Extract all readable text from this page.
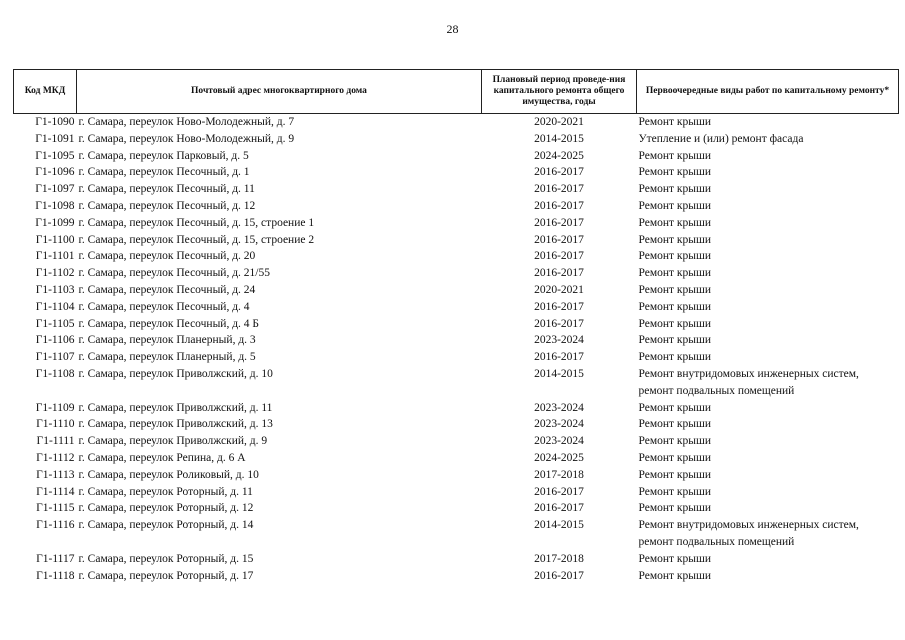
28
Код МКД	Почтовый адрес многоквартирного дома	Плановый период проведе-ния капитального ремонта общего имущества, годы	Первоочередные виды работ по капитальному ремонту*
Г1-1090	г. Самара, переулок Ново-Молодежный, д. 7	2020-2021	Ремонт крыши
Г1-1091	г. Самара, переулок Ново-Молодежный, д. 9	2014-2015	Утепление и (или) ремонт фасада
Г1-1095	г. Самара, переулок Парковый, д. 5	2024-2025	Ремонт крыши
Г1-1096	г. Самара, переулок Песочный, д. 1	2016-2017	Ремонт крыши
Г1-1097	г. Самара, переулок Песочный, д. 11	2016-2017	Ремонт крыши
Г1-1098	г. Самара, переулок Песочный, д. 12	2016-2017	Ремонт крыши
Г1-1099	г. Самара, переулок Песочный, д. 15, строение 1	2016-2017	Ремонт крыши
Г1-1100	г. Самара, переулок Песочный, д. 15, строение 2	2016-2017	Ремонт крыши
Г1-1101	г. Самара, переулок Песочный, д. 20	2016-2017	Ремонт крыши
Г1-1102	г. Самара, переулок Песочный, д. 21/55	2016-2017	Ремонт крыши
Г1-1103	г. Самара, переулок Песочный, д. 24	2020-2021	Ремонт крыши
Г1-1104	г. Самара, переулок Песочный, д. 4	2016-2017	Ремонт крыши
Г1-1105	г. Самара, переулок Песочный, д. 4 Б	2016-2017	Ремонт крыши
Г1-1106	г. Самара, переулок Планерный, д. 3	2023-2024	Ремонт крыши
Г1-1107	г. Самара, переулок Планерный, д. 5	2016-2017	Ремонт крыши
Г1-1108	г. Самара, переулок Приволжский, д. 10	2014-2015	Ремонт внутридомовых инженерных систем, ремонт подвальных помещений
Г1-1109	г. Самара, переулок Приволжский, д. 11	2023-2024	Ремонт крыши
Г1-1110	г. Самара, переулок Приволжский, д. 13	2023-2024	Ремонт крыши
Г1-1111	г. Самара, переулок Приволжский, д. 9	2023-2024	Ремонт крыши
Г1-1112	г. Самара, переулок Репина, д. 6 А	2024-2025	Ремонт крыши
Г1-1113	г. Самара, переулок Роликовый, д. 10	2017-2018	Ремонт крыши
Г1-1114	г. Самара, переулок Роторный, д. 11	2016-2017	Ремонт крыши
Г1-1115	г. Самара, переулок Роторный, д. 12	2016-2017	Ремонт крыши
Г1-1116	г. Самара, переулок Роторный, д. 14	2014-2015	Ремонт внутридомовых инженерных систем, ремонт подвальных помещений
Г1-1117	г. Самара, переулок Роторный, д. 15	2017-2018	Ремонт крыши
Г1-1118	г. Самара, переулок Роторный, д. 17	2016-2017	Ремонт крыши
